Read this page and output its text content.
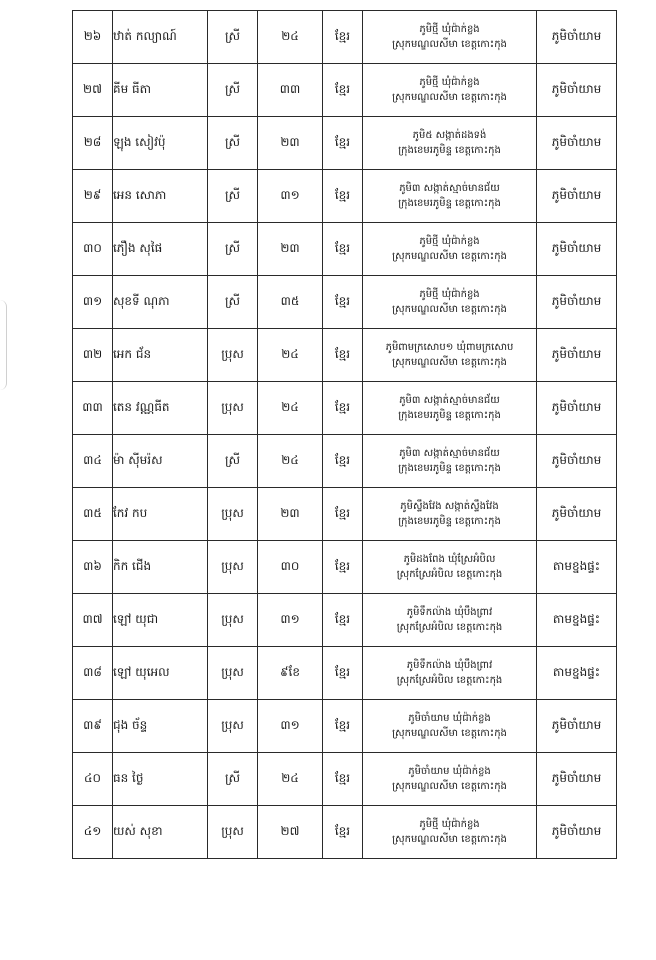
២៦	ឋាត់ កល្យាណ៍	ស្រី	២៤	ខ្មែរ	ភូមិថ្មី ឃុំជ៉ាក់ខ្លង
ស្រុកមណ្ឌលសីមា ខេត្តកោះកុង	ភូមិចាំយាម
២៧	គីម ធីតា	ស្រី	៣៣	ខ្មែរ	ភូមិថ្មី ឃុំជ៉ាក់ខ្លង
ស្រុកមណ្ឌលសីមា ខេត្តកោះកុង	ភូមិចាំយាម
២៨	ឡុង សៀវប៉ុ	ស្រី	២៣	ខ្មែរ	ភូមិ៥ សង្កាត់ដងទង់
ក្រុងខេមរភូមិន្ទ ខេត្តកោះកុង	ភូមិចាំយាម
២៩	អេន សោភា	ស្រី	៣១	ខ្មែរ	ភូមិ៣ សង្កាត់ស្មាច់មានជ័យ
ក្រុងខេមរភូមិន្ទ ខេត្តកោះកុង	ភូមិចាំយាម
៣០	ភឿង សុផៃ	ស្រី	២៣	ខ្មែរ	ភូមិថ្មី ឃុំជ៉ាក់ខ្លង
ស្រុកមណ្ឌលសីមា ខេត្តកោះកុង	ភូមិចាំយាម
៣១	សុខទី ណុភា	ស្រី	៣៥	ខ្មែរ	ភូមិថ្មី ឃុំជ៉ាក់ខ្លង
ស្រុកមណ្ឌលសីមា ខេត្តកោះកុង	ភូមិចាំយាម
៣២	អេក ជ័ន	ប្រុស	២៤	ខ្មែរ	ភូមិពាមក្រសោប១ ឃុំពាមក្រសោប
ស្រុកមណ្ឌលសីមា ខេត្តកោះកុង	ភូមិចាំយាម
៣៣	តេន វណ្ណធីត	ប្រុស	២៤	ខ្មែរ	ភូមិ៣ សង្កាត់ស្មាច់មានជ័យ
ក្រុងខេមរភូមិន្ទ ខេត្តកោះកុង	ភូមិចាំយាម
៣៤	ម៉ា ស៊ីមរ៉ស	ស្រី	២៤	ខ្មែរ	ភូមិ៣ សង្កាត់ស្មាច់មានជ័យ
ក្រុងខេមរភូមិន្ទ ខេត្តកោះកុង	ភូមិចាំយាម
៣៥	កែវ កប	ប្រុស	២៣	ខ្មែរ	ភូមិស្ទឹងវែង សង្កាត់ស្ទឹងវែង
ក្រុងខេមរភូមិន្ទ ខេត្តកោះកុង	ភូមិចាំយាម
៣៦	កិក ជើង	ប្រុស	៣០	ខ្មែរ	ភូមិដងពែង ឃុំស្រែអំបិល
ស្រុកស្រែអំបិល ខេត្តកោះកុង	តាមខ្នងផ្ទះ
៣៧	ឡៅ យុជា	ប្រុស	៣១	ខ្មែរ	ភូមិទឹកល៉ាង ឃុំបឹងព្រាវ
ស្រុកស្រែអំបិល ខេត្តកោះកុង	តាមខ្នងផ្ទះ
៣៨	ឡៅ យុអេល	ប្រុស	៩ខែ	ខ្មែរ	ភូមិទឹកល៉ាង ឃុំបឹងព្រាវ
ស្រុកស្រែអំបិល ខេត្តកោះកុង	តាមខ្នងផ្ទះ
៣៩	ជុង ច័ន្ទ	ប្រុស	៣១	ខ្មែរ	ភូមិចាំយាម ឃុំជ៉ាក់ខ្លង
ស្រុកមណ្ឌលសីមា ខេត្តកោះកុង	ភូមិចាំយាម
៤០	ធន ថ្ងៃ	ស្រី	២៤	ខ្មែរ	ភូមិចាំយាម ឃុំជ៉ាក់ខ្លង
ស្រុកមណ្ឌលសីមា ខេត្តកោះកុង	ភូមិចាំយាម
៤១	យស់ សុខា	ប្រុស	២៧	ខ្មែរ	ភូមិថ្មី ឃុំជ៉ាក់ខ្លង
ស្រុកមណ្ឌលសីមា ខេត្តកោះកុង	ភូមិចាំយាម
